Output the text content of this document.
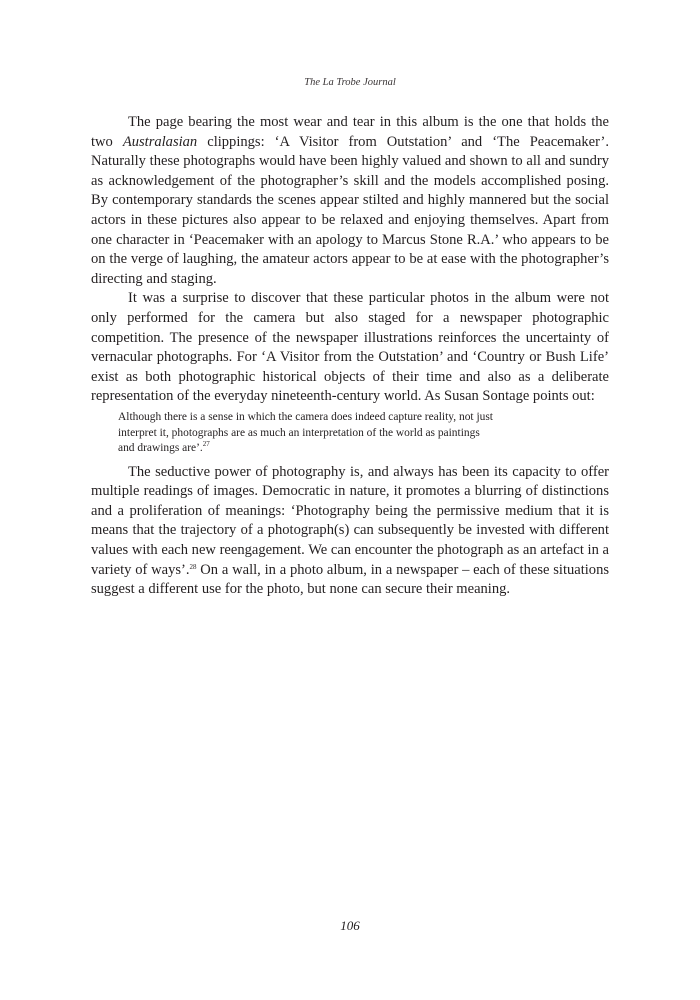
The La Trobe Journal

The page bearing the most wear and tear in this album is the one that holds the two Australasian clippings: ‘A Visitor from Outstation’ and ‘The Peacemaker’. Naturally these photographs would have been highly valued and shown to all and sundry as acknowledgement of the photographer’s skill and the models accomplished posing. By contemporary standards the scenes appear stilted and highly mannered but the social actors in these pictures also appear to be relaxed and enjoying themselves. Apart from one character in ‘Peacemaker with an apology to Marcus Stone R.A.’ who appears to be on the verge of laughing, the amateur actors appear to be at ease with the photographer’s directing and staging.

It was a surprise to discover that these particular photos in the album were not only performed for the camera but also staged for a newspaper photographic competition. The presence of the newspaper illustrations reinforces the uncertainty of vernacular photographs. For ‘A Visitor from the Outstation’ and ‘Country or Bush Life’ exist as both photographic historical objects of their time and also as a deliberate representation of the everyday nineteenth-century world. As Susan Sontage points out:

Although there is a sense in which the camera does indeed capture reality, not just
interpret it, photographs are as much an interpretation of the world as paintings
and drawings are’.$^{27}$

The seductive power of photography is, and always has been its capacity to offer multiple readings of images. Democratic in nature, it promotes a blurring of distinctions and a proliferation of meanings: ‘Photography being the permissive medium that it is means that the trajectory of a photograph(s) can subsequently be invested with different values with each new reengagement. We can encounter the photograph as an artefact in a variety of ways’.$^{28}$ On a wall, in a photo album, in a newspaper – each of these situations suggest a different use for the photo, but none can secure their meaning.

106
